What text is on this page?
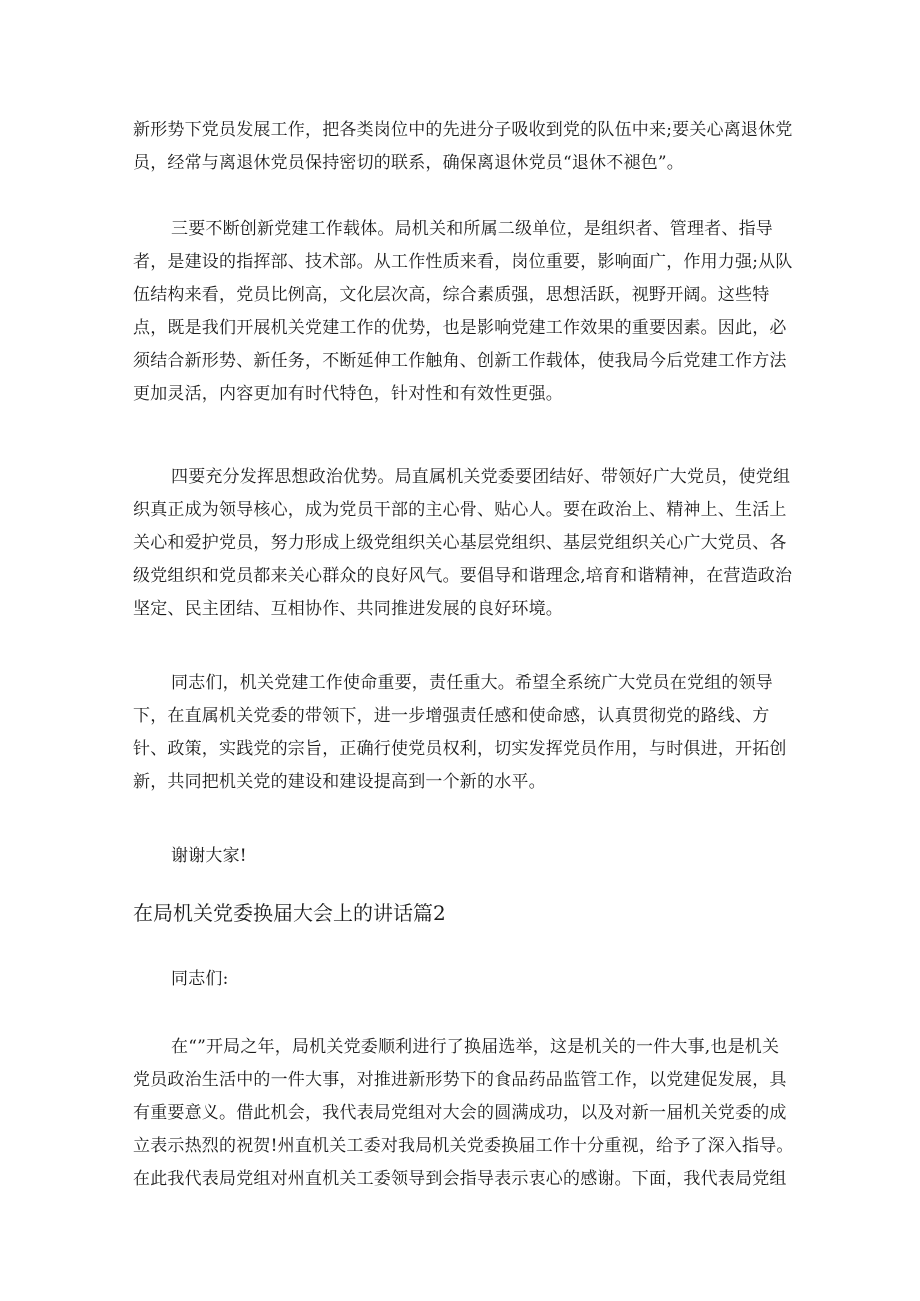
新形势下党员发展工作，把各类岗位中的先进分子吸收到党的队伍中来;要关心离退休党员，经常与离退休党员保持密切的联系，确保离退休党员“退休不褪色”。

三要不断创新党建工作载体。局机关和所属二级单位，是组织者、管理者、指导者，是建设的指挥部、技术部。从工作性质来看，岗位重要，影响面广，作用力强;从队伍结构来看，党员比例高，文化层次高，综合素质强，思想活跃，视野开阔。这些特点，既是我们开展机关党建工作的优势，也是影响党建工作效果的重要因素。因此，必须结合新形势、新任务，不断延伸工作触角、创新工作载体，使我局今后党建工作方法更加灵活，内容更加有时代特色，针对性和有效性更强。

四要充分发挥思想政治优势。局直属机关党委要团结好、带领好广大党员，使党组织真正成为领导核心，成为党员干部的主心骨、贴心人。要在政治上、精神上、生活上关心和爱护党员，努力形成上级党组织关心基层党组织、基层党组织关心广大党员、各级党组织和党员都来关心群众的良好风气。要倡导和谐理念,培育和谐精神，在营造政治坚定、民主团结、互相协作、共同推进发展的良好环境。

同志们，机关党建工作使命重要，责任重大。希望全系统广大党员在党组的领导下，在直属机关党委的带领下，进一步增强责任感和使命感，认真贯彻党的路线、方针、政策，实践党的宗旨，正确行使党员权利，切实发挥党员作用，与时俱进，开拓创新，共同把机关党的建设和建设提高到一个新的水平。

谢谢大家!

在局机关党委换届大会上的讲话篇2

同志们:

在“”开局之年，局机关党委顺利进行了换届选举，这是机关的一件大事,也是机关党员政治生活中的一件大事，对推进新形势下的食品药品监管工作，以党建促发展，具有重要意义。借此机会，我代表局党组对大会的圆满成功，以及对新一届机关党委的成立表示热烈的祝贺!州直机关工委对我局机关党委换届工作十分重视，给予了深入指导。在此我代表局党组对州直机关工委领导到会指导表示衷心的感谢。下面，我代表局党组
